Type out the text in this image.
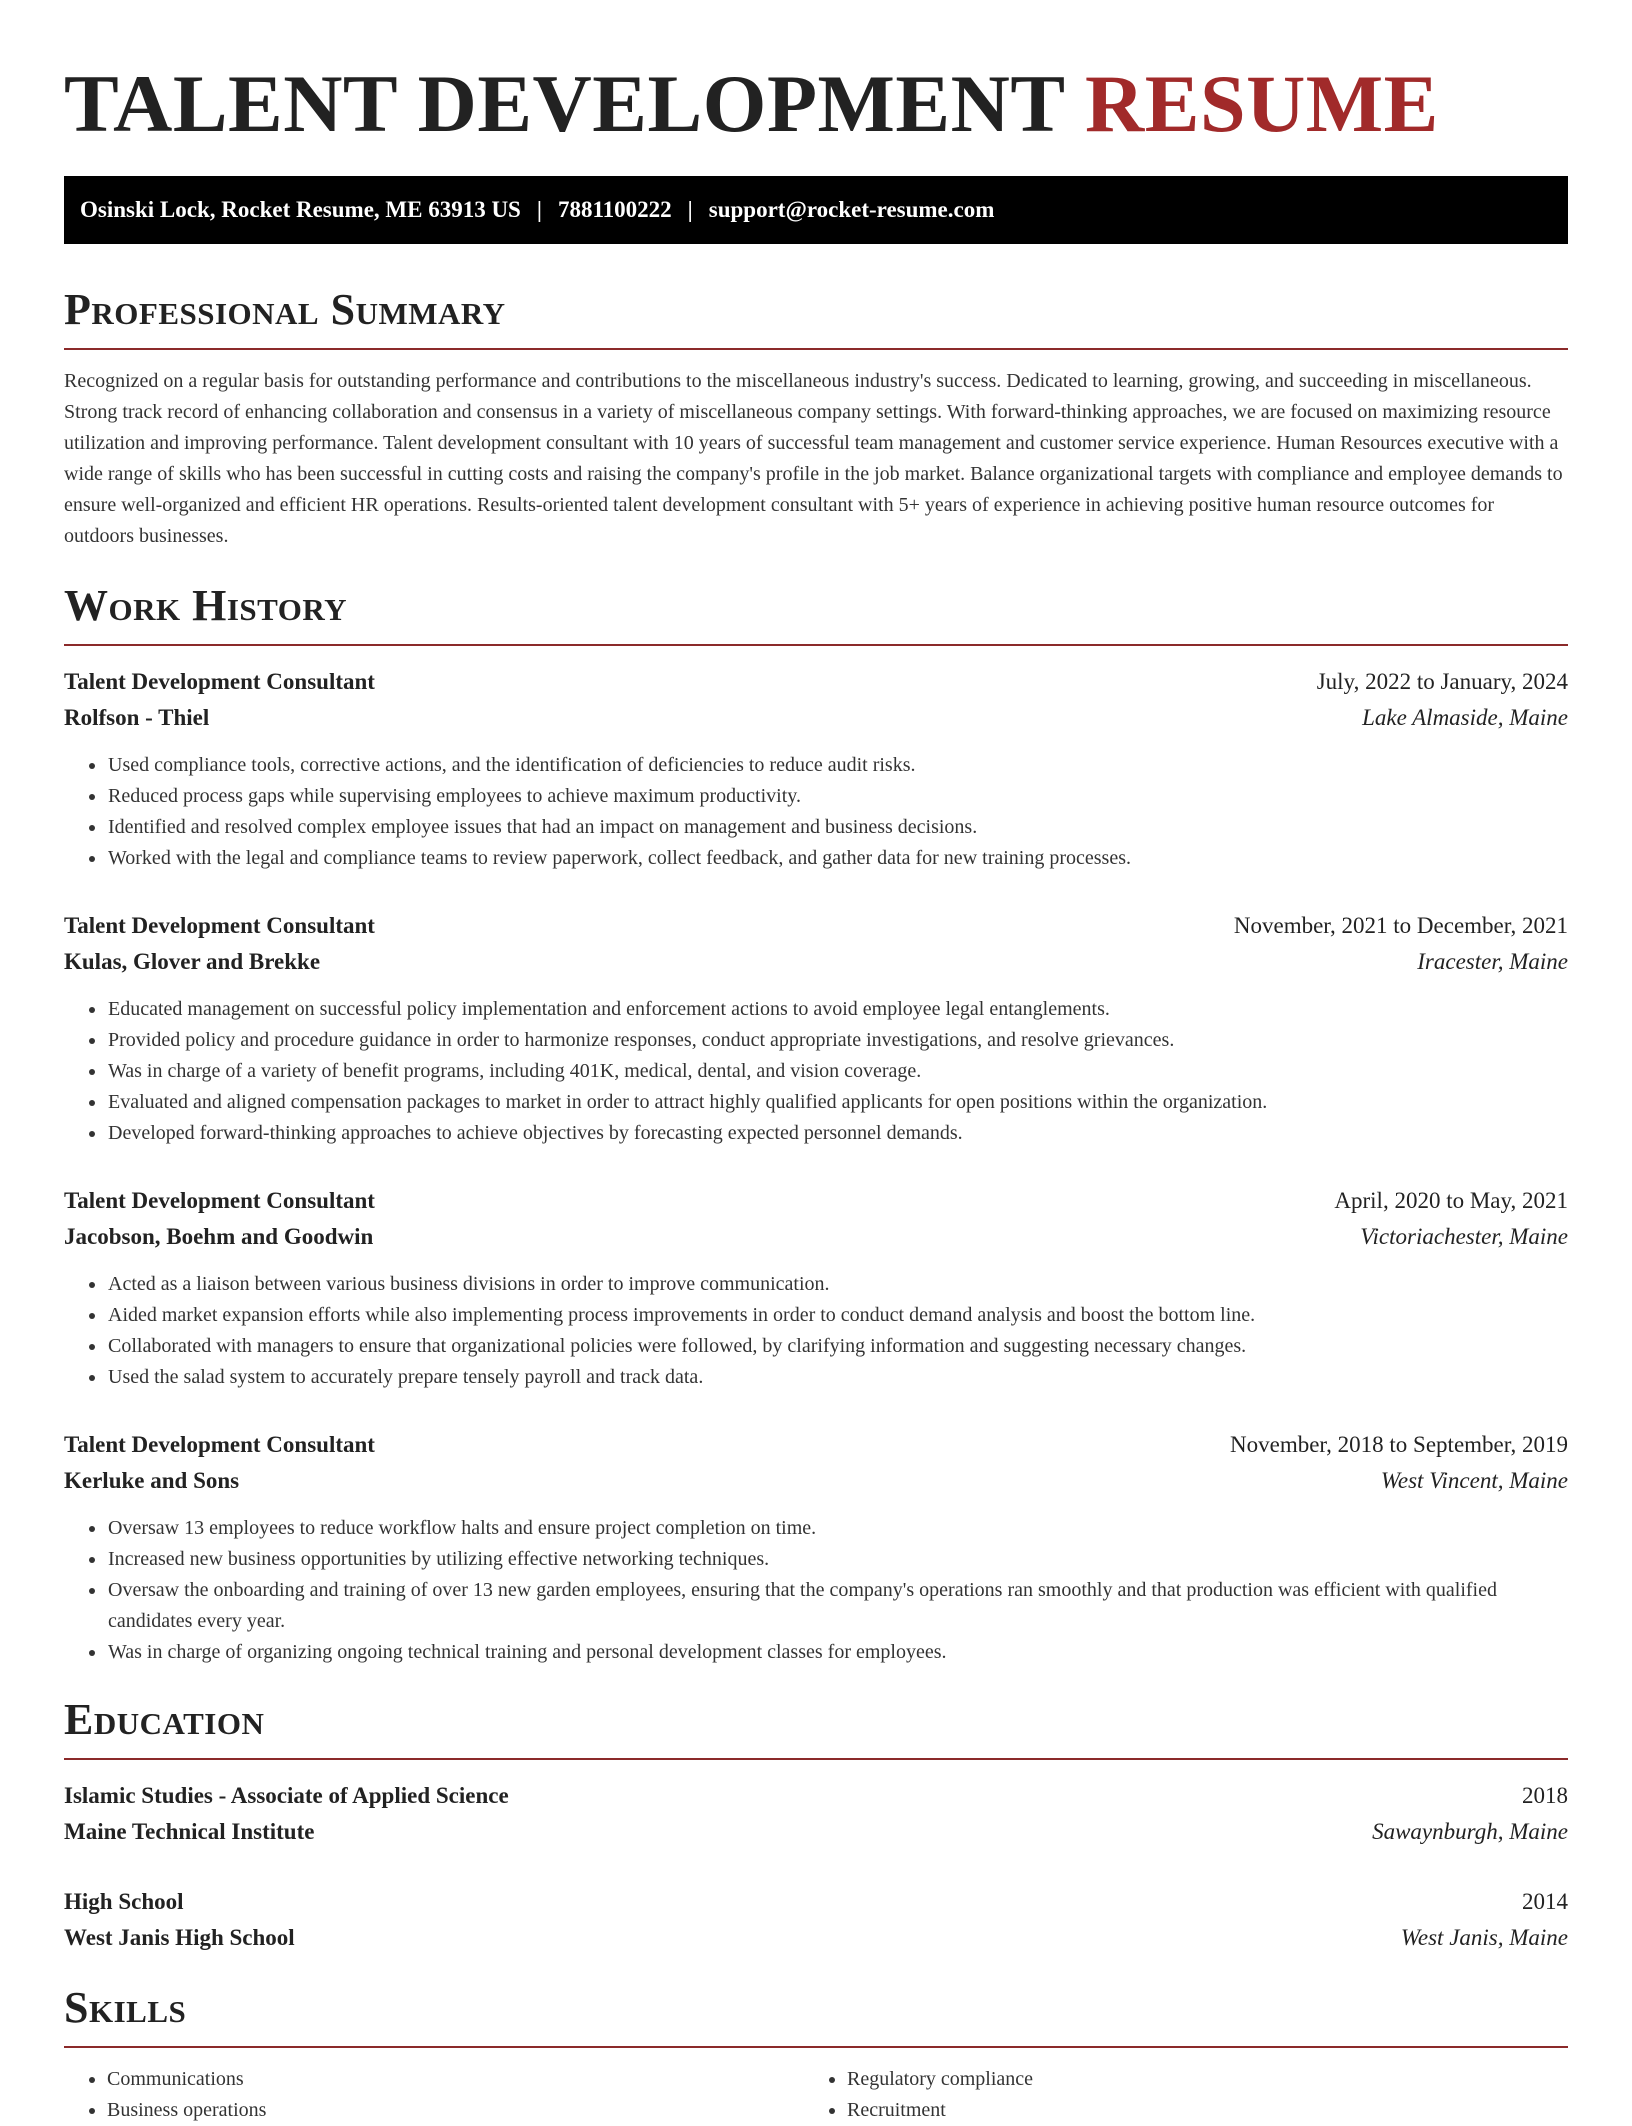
TALENT DEVELOPMENT RESUME
Osinski Lock, Rocket Resume, ME 63913 US | 7881100222 | support@rocket-resume.com
Professional Summary

Recognized on a regular basis for outstanding performance and contributions to the miscellaneous industry's success. Dedicated to learning, growing, and succeeding in miscellaneous. Strong track record of enhancing collaboration and consensus in a variety of miscellaneous company settings. With forward-thinking approaches, we are focused on maximizing resource utilization and improving performance. Talent development consultant with 10 years of successful team management and customer service experience. Human Resources executive with a wide range of skills who has been successful in cutting costs and raising the company's profile in the job market. Balance organizational targets with compliance and employee demands to ensure well-organized and efficient HR operations. Results-oriented talent development consultant with 5+ years of experience in achieving positive human resource outcomes for outdoors businesses.

Work History
Talent Development Consultant	July, 2022 to January, 2024
Rolfson - Thiel	Lake Almaside, Maine
• Used compliance tools, corrective actions, and the identification of deficiencies to reduce audit risks.
• Reduced process gaps while supervising employees to achieve maximum productivity.
• Identified and resolved complex employee issues that had an impact on management and business decisions.
• Worked with the legal and compliance teams to review paperwork, collect feedback, and gather data for new training processes.
Talent Development Consultant	November, 2021 to December, 2021
Kulas, Glover and Brekke	Iracester, Maine
• Educated management on successful policy implementation and enforcement actions to avoid employee legal entanglements.
• Provided policy and procedure guidance in order to harmonize responses, conduct appropriate investigations, and resolve grievances.
• Was in charge of a variety of benefit programs, including 401K, medical, dental, and vision coverage.
• Evaluated and aligned compensation packages to market in order to attract highly qualified applicants for open positions within the organization.
• Developed forward-thinking approaches to achieve objectives by forecasting expected personnel demands.
Talent Development Consultant	April, 2020 to May, 2021
Jacobson, Boehm and Goodwin	Victoriachester, Maine
• Acted as a liaison between various business divisions in order to improve communication.
• Aided market expansion efforts while also implementing process improvements in order to conduct demand analysis and boost the bottom line.
• Collaborated with managers to ensure that organizational policies were followed, by clarifying information and suggesting necessary changes.
• Used the salad system to accurately prepare tensely payroll and track data.
Talent Development Consultant	November, 2018 to September, 2019
Kerluke and Sons	West Vincent, Maine
• Oversaw 13 employees to reduce workflow halts and ensure project completion on time.
• Increased new business opportunities by utilizing effective networking techniques.
• Oversaw the onboarding and training of over 13 new garden employees, ensuring that the company's operations ran smoothly and that production was efficient with qualified candidates every year.
• Was in charge of organizing ongoing technical training and personal development classes for employees.
Education
Islamic Studies - Associate of Applied Science	2018
Maine Technical Institute	Sawaynburgh, Maine
High School	2014
West Janis High School	West Janis, Maine
Skills
• Communications
• Business operations
• Regulatory compliance
• Recruitment
